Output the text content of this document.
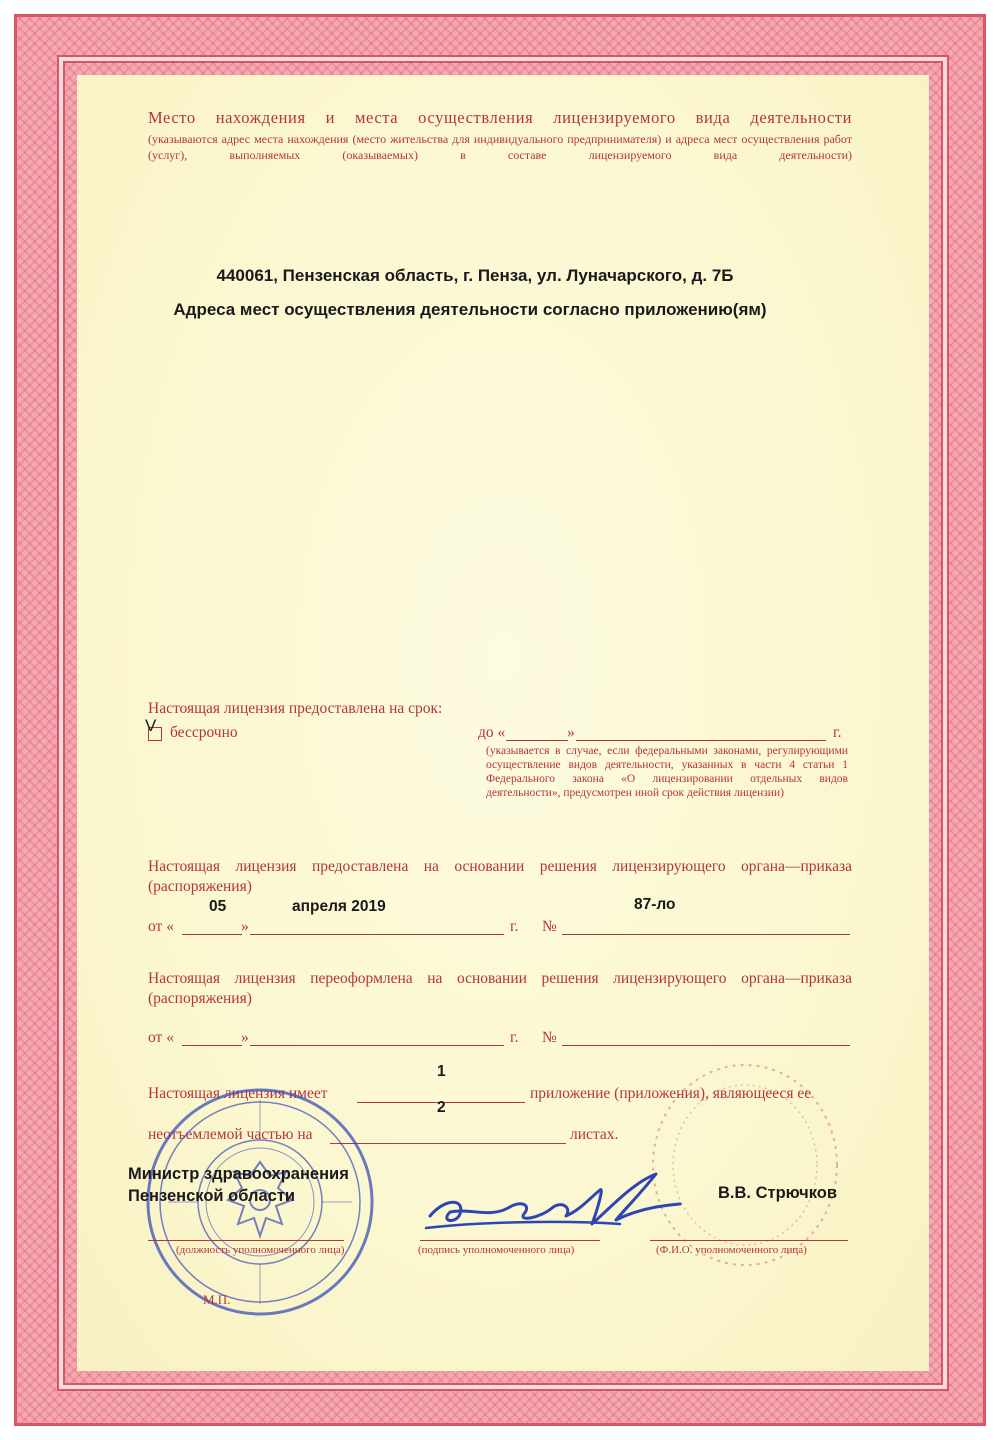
Место нахождения и места осуществления лицензируемого вида деятельности
(указываются адрес места нахождения (место жительства для индивидуального предпринимателя) и адреса мест осуществления работ (услуг), выполняемых (оказываемых) в составе лицензируемого вида деятельности)
440061, Пензенская область, г. Пенза, ул. Луначарского, д. 7Б
Адреса мест осуществления деятельности согласно приложению(ям)
Настоящая лицензия предоставлена на срок:
V бессрочно	до «	»	г.
(указывается в случае, если федеральными законами, регулирующими осуществление видов деятельности, указанных в части 4 статьи 1 Федерального закона «О лицензировании отдельных видов деятельности», предусмотрен иной срок действия лицензии)
Настоящая лицензия предоставлена на основании решения лицензирующего органа—приказа (распоряжения)
05	апреля 2019	87-ло
от «	»	г. №
Настоящая лицензия переоформлена на основании решения лицензирующего органа—приказа (распоряжения)
от «	»	г. №
1
Настоящая лицензия имеет	приложение (приложения), являющееся ее
2
неотъемлемой частью на	листах.
Министр здравоохранения
Пензенской области	В.В. Стрючков
(должность уполномоченного лица)	(подпись уполномоченного лица)	(Ф.И.О. уполномоченного лица)
М.П.
